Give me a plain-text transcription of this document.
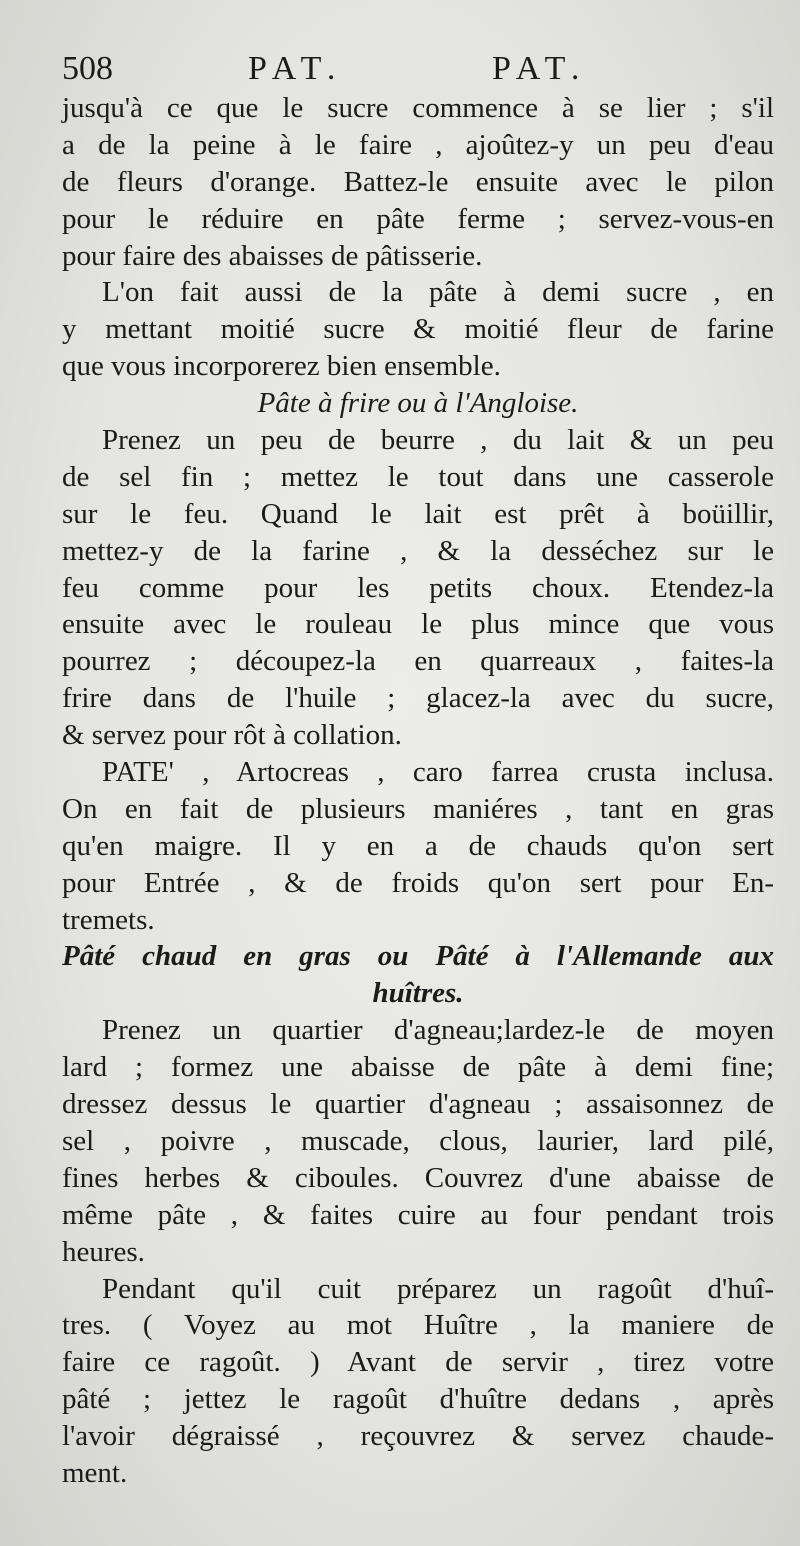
508	PAT.	PAT.
jusqu'à ce que le sucre commence à se lier ; s'il
a de la peine à le faire , ajoûtez-y un peu d'eau
de fleurs d'orange. Battez-le ensuite avec le pilon
pour le réduire en pâte ferme ; servez-vous-en
pour faire des abaisses de pâtisserie.
L'on fait aussi de la pâte à demi sucre , en
y mettant moitié sucre & moitié fleur de farine
que vous incorporerez bien ensemble.
Pâte à frire ou à l'Angloise.
Prenez un peu de beurre , du lait & un peu
de sel fin ; mettez le tout dans une casserole
sur le feu. Quand le lait est prêt à boüillir,
mettez-y de la farine , & la desséchez sur le
feu comme pour les petits choux. Etendez-la
ensuite avec le rouleau le plus mince que vous
pourrez ; découpez-la en quarreaux , faites-la
frire dans de l'huile ; glacez-la avec du sucre,
& servez pour rôt à collation.
PATE' , Artocreas , caro farrea crusta inclusa.
On en fait de plusieurs maniéres , tant en gras
qu'en maigre. Il y en a de chauds qu'on sert
pour Entrée , & de froids qu'on sert pour En-
tremets.
Pâté chaud en gras ou Pâté à l'Allemande aux
huîtres.
Prenez un quartier d'agneau;lardez-le de moyen
lard ; formez une abaisse de pâte à demi fine;
dressez dessus le quartier d'agneau ; assaisonnez de
sel , poivre , muscade, clous, laurier, lard pilé,
fines herbes & ciboules. Couvrez d'une abaisse de
même pâte , & faites cuire au four pendant trois
heures.
Pendant qu'il cuit préparez un ragoût d'huî-
tres. ( Voyez au mot Huître , la maniere de
faire ce ragoût. ) Avant de servir , tirez votre
pâté ; jettez le ragoût d'huître dedans , après
l'avoir dégraissé , reçouvrez & servez chaude-
ment.
